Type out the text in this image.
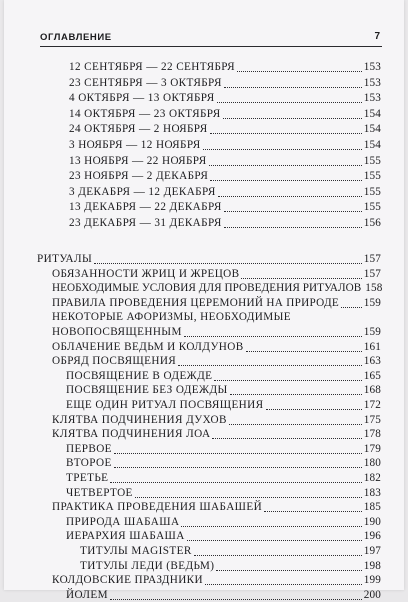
ОГЛАВЛЕНИЕ	7
12 СЕНТЯБРЯ — 22 СЕНТЯБРЯ	153
23 СЕНТЯБРЯ — 3 ОКТЯБРЯ	153
4 ОКТЯБРЯ — 13 ОКТЯБРЯ	153
14 ОКТЯБРЯ — 23 ОКТЯБРЯ	154
24 ОКТЯБРЯ — 2 НОЯБРЯ	154
3 НОЯБРЯ — 12 НОЯБРЯ	154
13 НОЯБРЯ — 22 НОЯБРЯ	155
23 НОЯБРЯ — 2 ДЕКАБРЯ	155
3 ДЕКАБРЯ — 12 ДЕКАБРЯ	155
13 ДЕКАБРЯ — 22 ДЕКАБРЯ	155
23 ДЕКАБРЯ — 31 ДЕКАБРЯ	156
РИТУАЛЫ	157
ОБЯЗАННОСТИ ЖРИЦ И ЖРЕЦОВ	157
НЕОБХОДИМЫЕ УСЛОВИЯ ДЛЯ ПРОВЕДЕНИЯ РИТУАЛОВ 158
ПРАВИЛА ПРОВЕДЕНИЯ ЦЕРЕМОНИЙ НА ПРИРОДЕ 159
НЕКОТОРЫЕ АФОРИЗМЫ, НЕОБХОДИМЫЕ
НОВОПОСВЯЩЕННЫМ	159
ОБЛАЧЕНИЕ ВЕДЬМ И КОЛДУНОВ	161
ОБРЯД ПОСВЯЩЕНИЯ	163
ПОСВЯЩЕНИЕ В ОДЕЖДЕ	165
ПОСВЯЩЕНИЕ БЕЗ ОДЕЖДЫ	168
ЕЩЕ ОДИН РИТУАЛ ПОСВЯЩЕНИЯ	172
КЛЯТВА ПОДЧИНЕНИЯ ДУХОВ	175
КЛЯТВА ПОДЧИНЕНИЯ ЛОА	178
ПЕРВОЕ	179
ВТОРОЕ	180
ТРЕТЬЕ	182
ЧЕТВЕРТОЕ	183
ПРАКТИКА ПРОВЕДЕНИЯ ШАБАШЕЙ	185
ПРИРОДА ШАБАША	190
ИЕРАРХИЯ ШАБАША	196
ТИТУЛЫ MAGISTER	197
ТИТУЛЫ ЛЕДИ (ВЕДЬМ)	198
КОЛДОВСКИЕ ПРАЗДНИКИ	199
ЙОЛЕМ	200
